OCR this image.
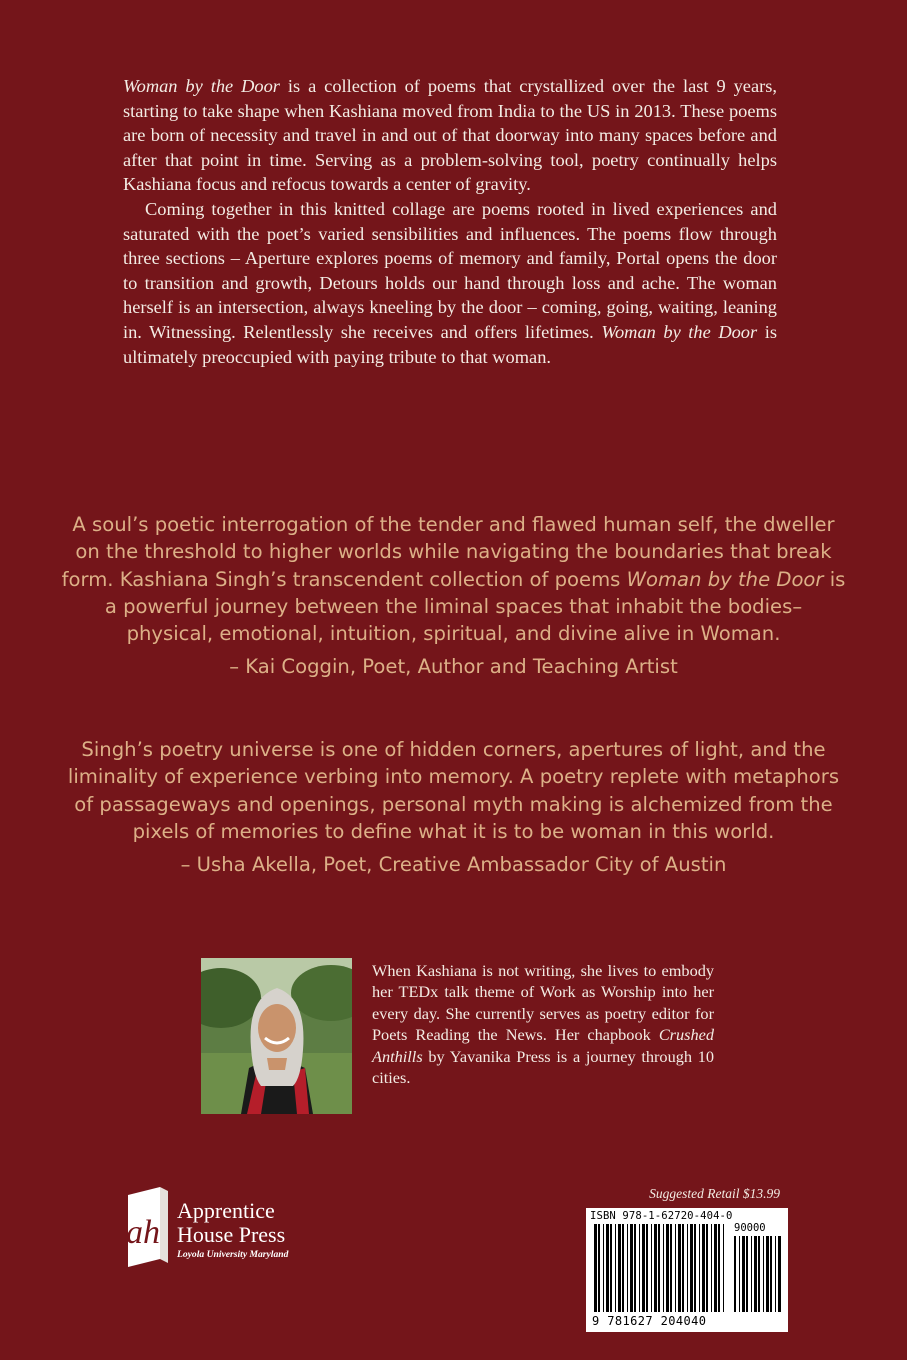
Woman by the Door is a collection of poems that crystallized over the last 9 years, starting to take shape when Kashiana moved from India to the US in 2013. These poems are born of necessity and travel in and out of that doorway into many spaces before and after that point in time. Serving as a problem-solving tool, poetry continually helps Kashiana focus and refocus towards a center of gravity.

Coming together in this knitted collage are poems rooted in lived experiences and saturated with the poet’s varied sensibilities and influences. The poems flow through three sections – Aperture explores poems of memory and family, Portal opens the door to transition and growth, Detours holds our hand through loss and ache. The woman herself is an intersection, always kneeling by the door – coming, going, waiting, leaning in. Witnessing. Relentlessly she receives and offers lifetimes. Woman by the Door is ultimately preoccupied with paying tribute to that woman.

A soul’s poetic interrogation of the tender and flawed human self, the dweller on the threshold to higher worlds while navigating the boundaries that break form. Kashiana Singh’s transcendent collection of poems Woman by the Door is a powerful journey between the liminal spaces that inhabit the bodies– physical, emotional, intuition, spiritual, and divine alive in Woman.

– Kai Coggin, Poet, Author and Teaching Artist

Singh’s poetry universe is one of hidden corners, apertures of light, and the liminality of experience verbing into memory. A poetry replete with metaphors of passageways and openings, personal myth making is alchemized from the pixels of memories to define what it is to be woman in this world.

– Usha Akella, Poet, Creative Ambassador City of Austin

When Kashiana is not writing, she lives to embody her TEDx talk theme of Work as Worship into her every day. She currently serves as poetry editor for Poets Reading the News. Her chapbook Crushed Anthills by Yavanika Press is a journey through 10 cities.

Suggested Retail $13.99
ISBN 978-1-62720-404-0
90000
9 781627 204040
ah
Apprentice
House Press
Loyola University Maryland
